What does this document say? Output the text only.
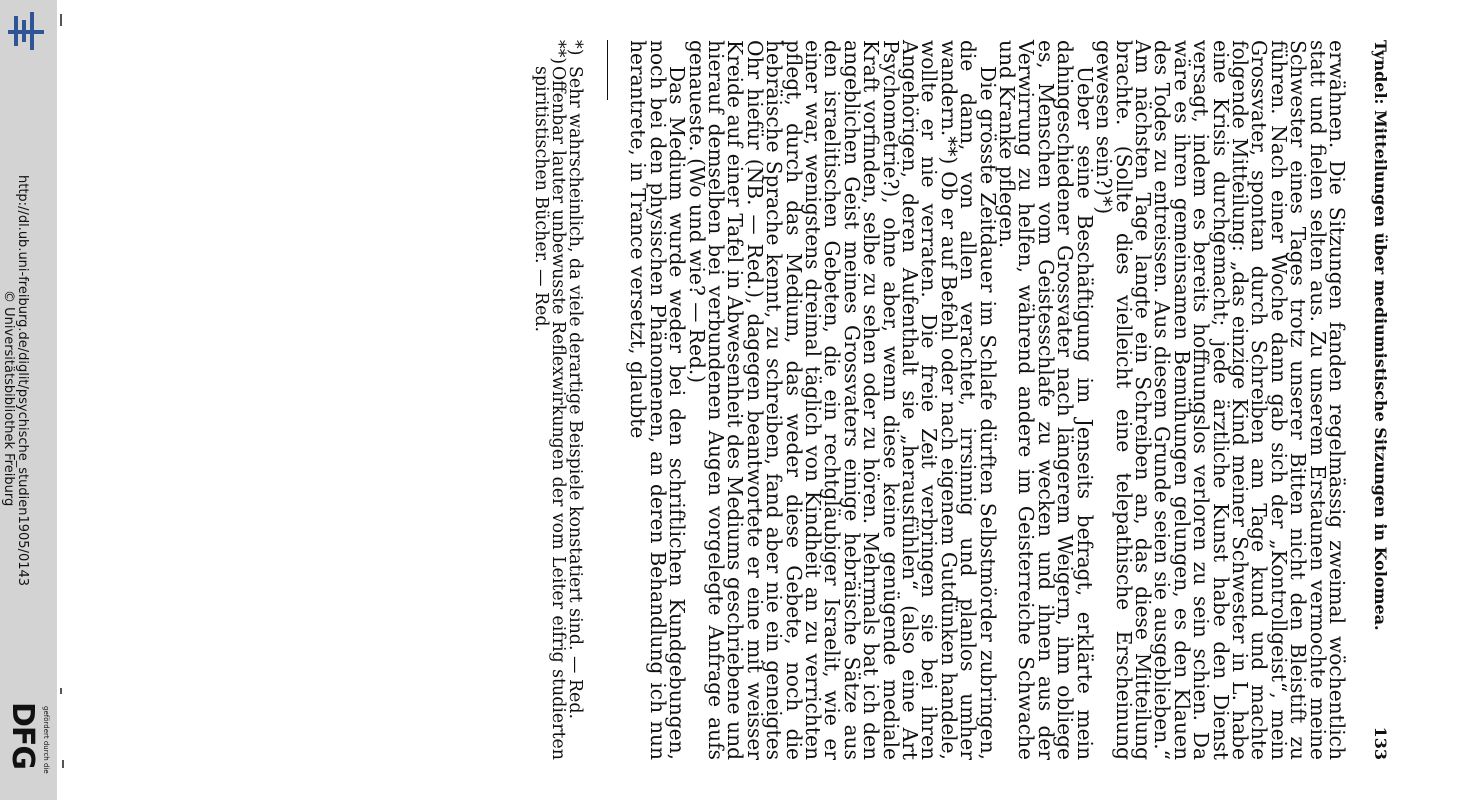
http://dl.ub.uni-freiburg.de/diglit/psychische_studien1905/0143
© Universitätsbibliothek Freiburg
gefördert durch die
DFG
Tyndel: Mitteilungen über mediumistische Sitzungen in Kolomea.
133

erwähnen. Die Sitzungen fanden regelmässig zweimal wöchentlich statt und fielen selten aus. Zu unserem Erstaunen vermochte meine Schwester eines Tages trotz unserer Bitten nicht den Bleistift zu führen. Nach einer Woche dann gab sich der „Kontrollgeist“, mein Grossvater, spontan durch Schreiben am Tage kund und machte folgende Mitteilung: „das einzige Kind meiner Schwester in L. habe eine Krisis durchgemacht; jede ärztliche Kunst habe den Dienst versagt, indem es bereits hoffnungslos verloren zu sein schien. Da wäre es ihren gemeinsamen Bemühungen gelungen, es den Klauen des Todes zu entreissen. Aus diesem Grunde seien sie ausgeblieben.“ Am nächsten Tage langte ein Schreiben an, das diese Mitteilung brachte. (Sollte dies vielleicht eine telepathische Erscheinung gewesen sein?)*)

Ueber seine Beschäftigung im Jenseits befragt, erklärte mein dahingeschiedener Grossvater nach längerem Weigern, ihm obliege es, Menschen vom Geistesschlafe zu wecken und ihnen aus der Verwirrung zu helfen, während andere im Geisterreiche Schwache und Kranke pflegen.

Die grösste Zeitdauer im Schlafe dürften Selbstmörder zubringen, die dann, von allen verachtet, irrsinnig und planlos umher wandern.**) Ob er auf Befehl oder nach eigenem Gutdünken handele, wollte er nie verraten. Die freie Zeit verbringen sie bei ihren Angehörigen, deren Aufenthalt sie „herausfühlen“ (also eine Art Psychometrie?), ohne aber, wenn diese keine genügende mediale Kraft vorfinden, selbe zu sehen oder zu hören. Mehrmals bat ich den angeblichen Geist meines Grossvaters einige hebräische Sätze aus den israelitischen Gebeten, die ein rechtgläubiger Israelit, wie er einer war, wenigstens dreimal täglich von Kindheit an zu verrichten pflegt, durch das Medium, das weder diese Gebete, noch die hebräische Sprache kennt, zu schreiben, fand aber nie ein geneigtes Ohr hiefür (NB. — Red.), dagegen beantwortete er eine mit weisser Kreide auf einer Tafel in Abwesenheit des Mediums geschriebene und hierauf demselben bei verbundenen Augen vorgelegte Anfrage aufs genaueste. (Wo und wie? — Red.)

Das Medium wurde weder bei den schriftlichen Kundgebungen, noch bei den physischen Phänomenen, an deren Behandlung ich nun herantrete, in Trance versetzt, glaubte

*)Sehr wahrscheinlich, da viele derartige Beispiele konstatiert sind. — Red.

**)Offenbar lauter unbewusste Reflexwirkungen der vom Leiter eifrig studierten spiritistischen Bücher. — Red.
